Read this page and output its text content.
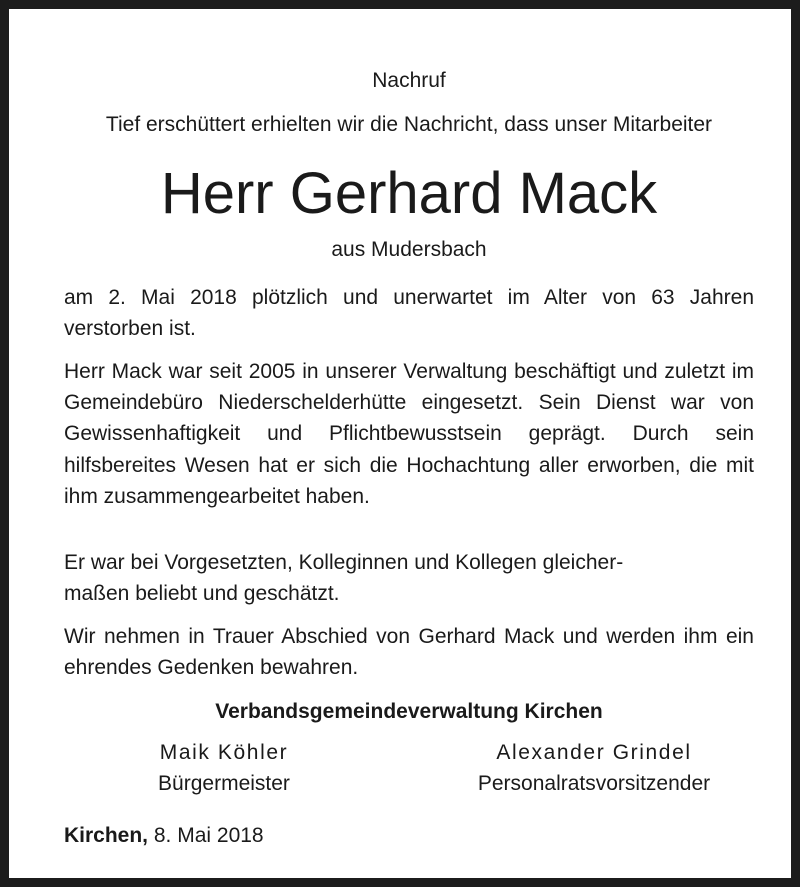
Nachruf
Tief erschüttert erhielten wir die Nachricht, dass unser Mitarbeiter
Herr Gerhard Mack
aus Mudersbach

am 2. Mai 2018 plötzlich und unerwartet im Alter von 63 Jahren verstorben ist.

Herr Mack war seit 2005 in unserer Verwaltung beschäftigt und zuletzt im Gemeindebüro Niederschelderhütte eingesetzt. Sein Dienst war von Gewissenhaftigkeit und Pflichtbewusstsein geprägt. Durch sein hilfsbereites Wesen hat er sich die Hochachtung aller erworben, die mit ihm zusammengearbeitet haben.

Er war bei Vorgesetzten, Kolleginnen und Kollegen gleicher-
maßen beliebt und geschätzt.

Wir nehmen in Trauer Abschied von Gerhard Mack und werden ihm ein ehrendes Gedenken bewahren.

Verbandsgemeindeverwaltung Kirchen
Maik Köhler
Bürgermeister
Alexander Grindel
Personalratsvorsitzender
Kirchen, 8. Mai 2018
